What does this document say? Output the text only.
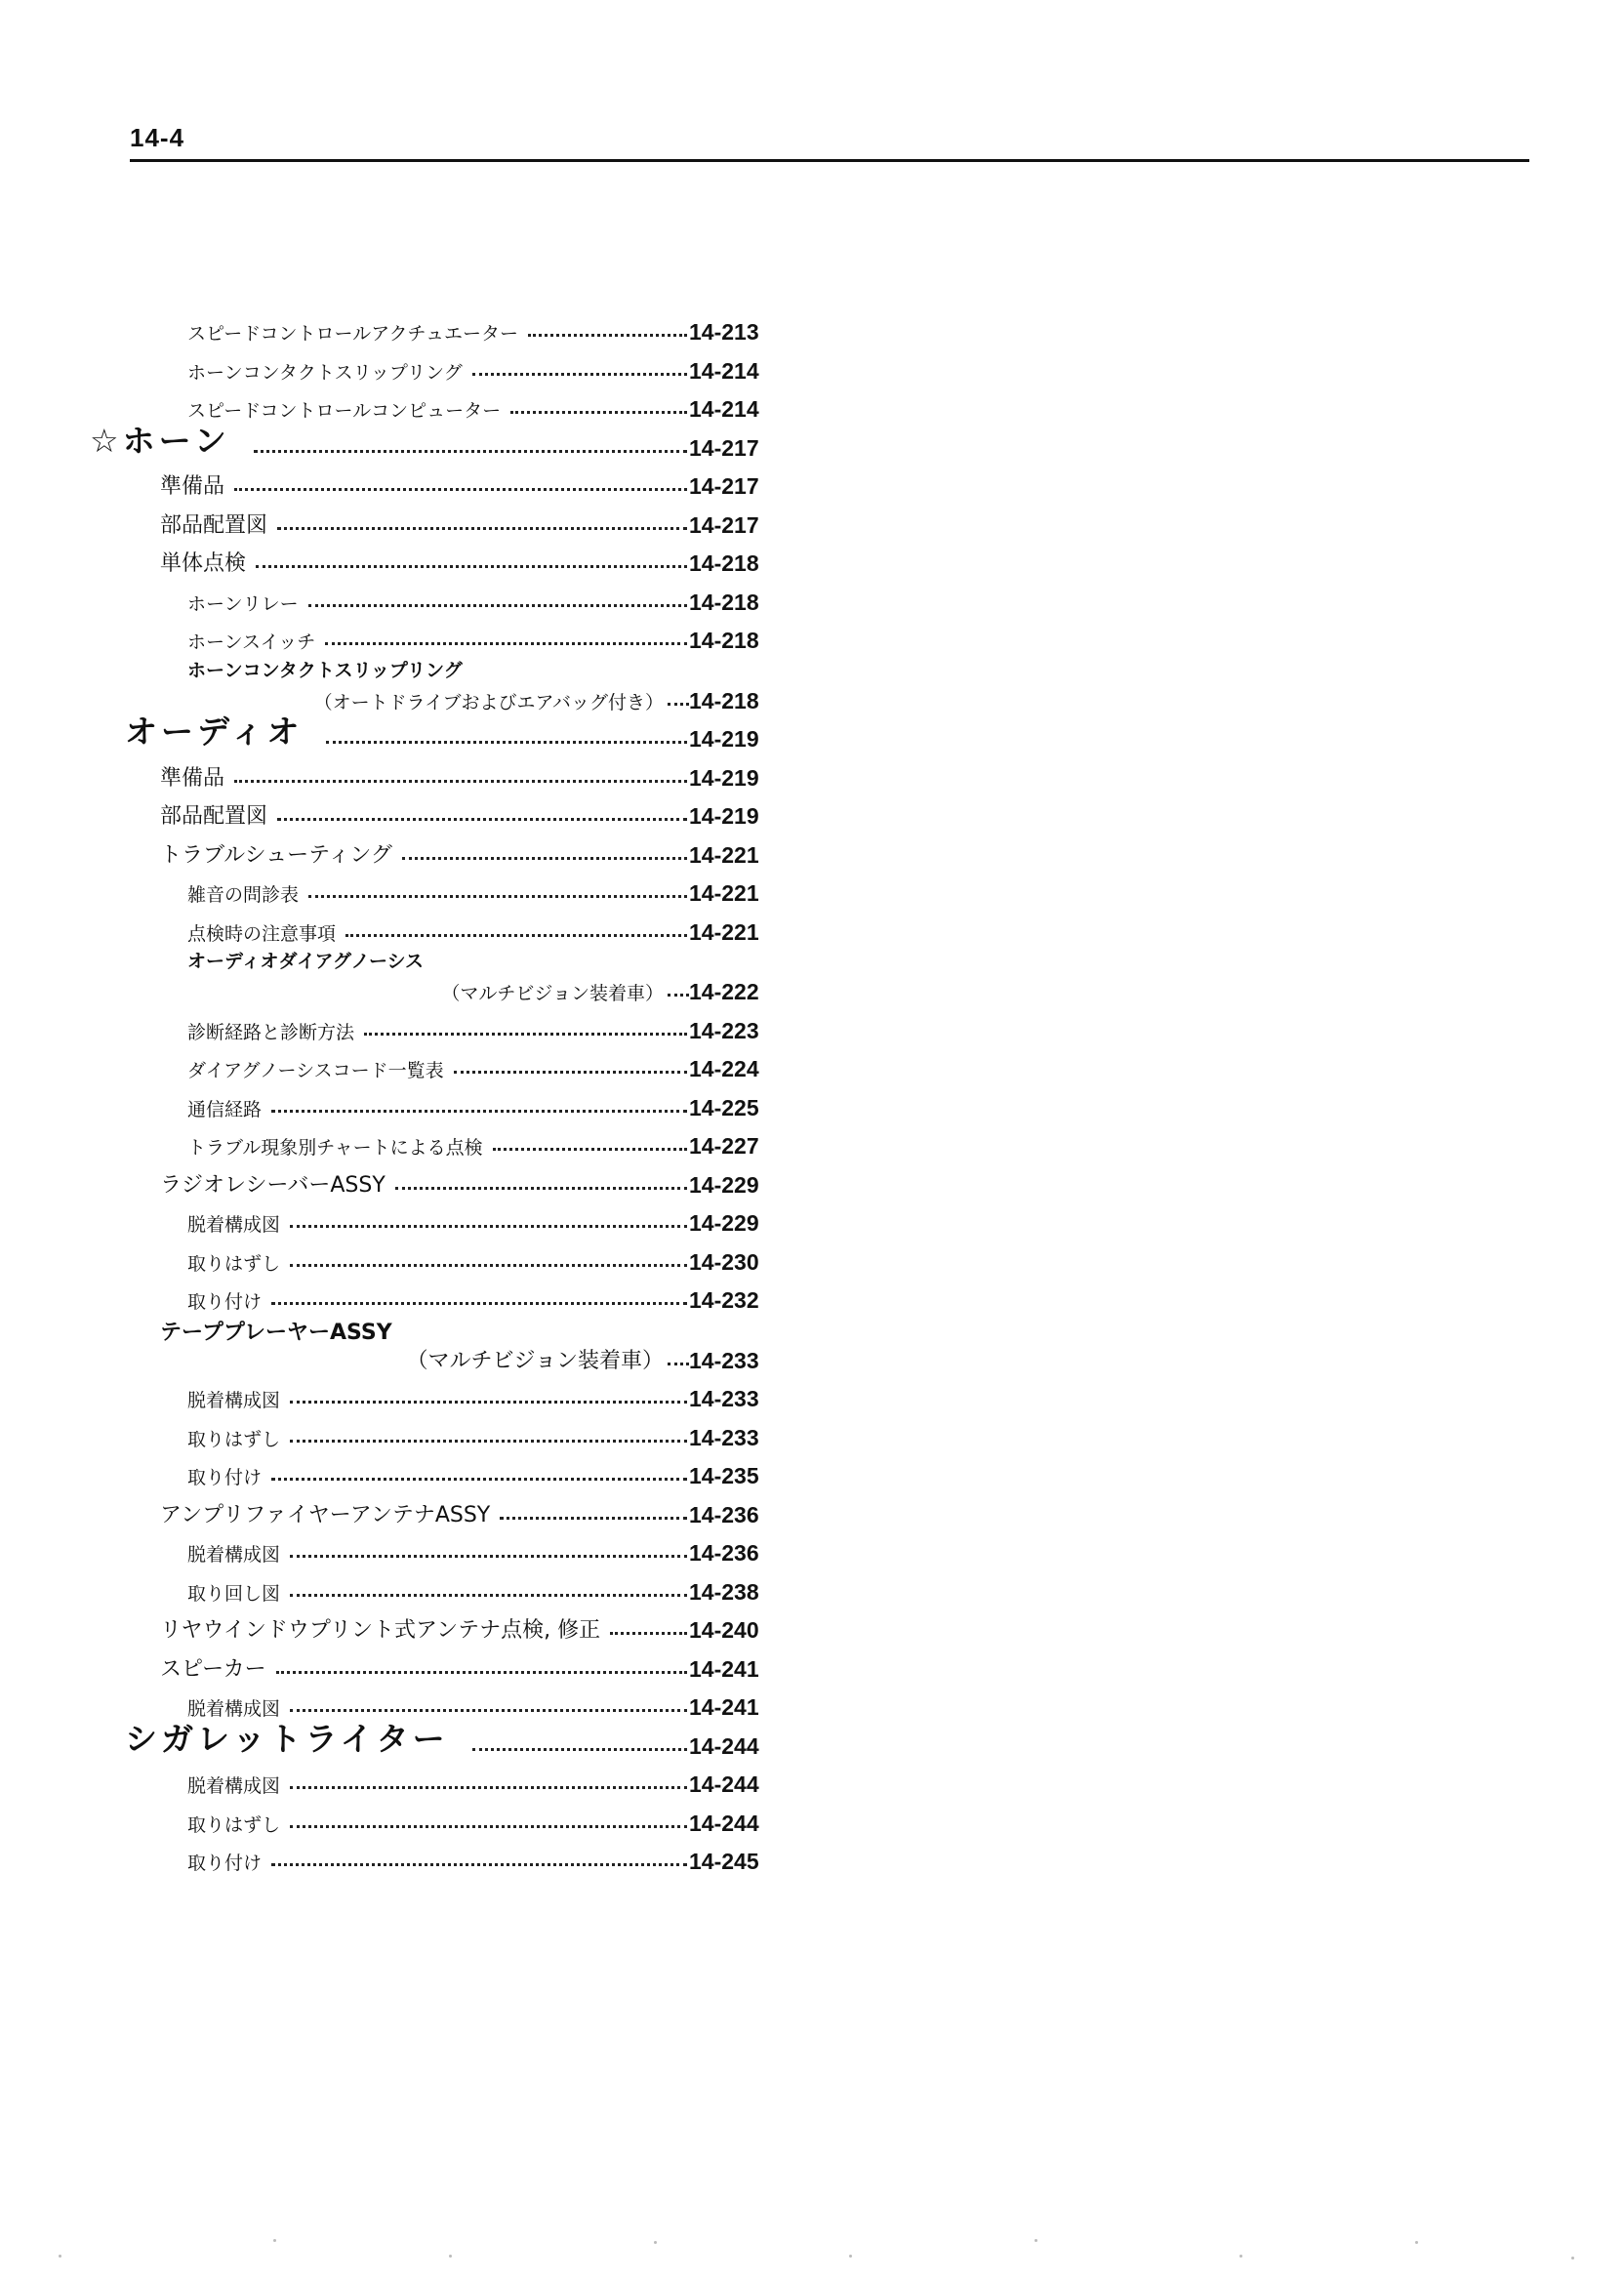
14-4
スピードコントロールアクチュエーター	14-213
ホーンコンタクトスリップリング	14-214
スピードコントロールコンピューター	14-214
☆ホーン	14-217
準備品	14-217
部品配置図	14-217
単体点検	14-218
ホーンリレー	14-218
ホーンスイッチ	14-218
ホーンコンタクトスリップリング
（オートドライブおよびエアバッグ付き） 14-218
オーディオ	14-219
準備品	14-219
部品配置図	14-219
トラブルシューティング	14-221
雑音の問診表	14-221
点検時の注意事項	14-221
オーディオダイアグノーシス
（マルチビジョン装着車） 14-222
診断経路と診断方法	14-223
ダイアグノーシスコード一覧表	14-224
通信経路	14-225
トラブル現象別チャートによる点検	14-227
ラジオレシーバーASSY	14-229
脱着構成図	14-229
取りはずし	14-230
取り付け	14-232
テーププレーヤーASSY
（マルチビジョン装着車） 14-233
脱着構成図	14-233
取りはずし	14-233
取り付け	14-235
アンプリファイヤーアンテナASSY	14-236
脱着構成図	14-236
取り回し図	14-238
リヤウインドウプリント式アンテナ点検, 修正	14-240
スピーカー	14-241
脱着構成図	14-241
シガレットライター	14-244
脱着構成図	14-244
取りはずし	14-244
取り付け	14-245
